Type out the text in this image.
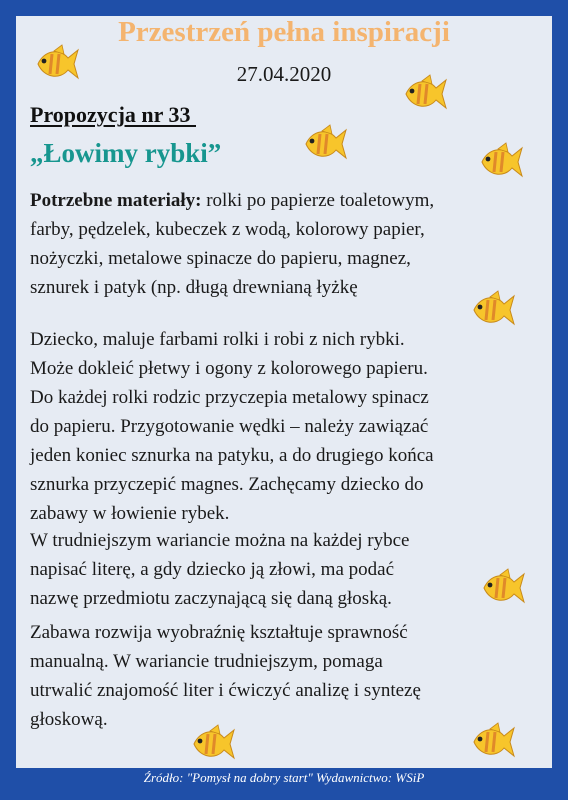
Przestrzeń pełna inspiracji

27.04.2020

Propozycja nr 33

„Łowimy rybki”
Potrzebne materiały: rolki po papierze toaletowym,
farby, pędzelek, kubeczek z wodą, kolorowy papier,
nożyczki, metalowe spinacze do papieru, magnez,
sznurek i patyk (np. długą drewnianą łyżkę
Dziecko, maluje farbami rolki i robi z nich rybki.
Może dokleić płetwy i ogony z kolorowego papieru.
Do każdej rolki rodzic przyczepia metalowy spinacz
do papieru. Przygotowanie wędki – należy zawiązać
jeden koniec sznurka na patyku, a do drugiego końca
sznurka przyczepić magnes. Zachęcamy dziecko do
zabawy w łowienie rybek.
W trudniejszym wariancie można na każdej rybce
napisać literę, a gdy dziecko ją złowi, ma podać
nazwę przedmiotu zaczynającą się daną głoską.
Zabawa rozwija wyobraźnię kształtuje sprawność
manualną. W wariancie trudniejszym, pomaga
utrwalić znajomość liter i ćwiczyć analizę i syntezę
głoskową.

Źródło: "Pomysł na dobry start" Wydawnictwo: WSiP
